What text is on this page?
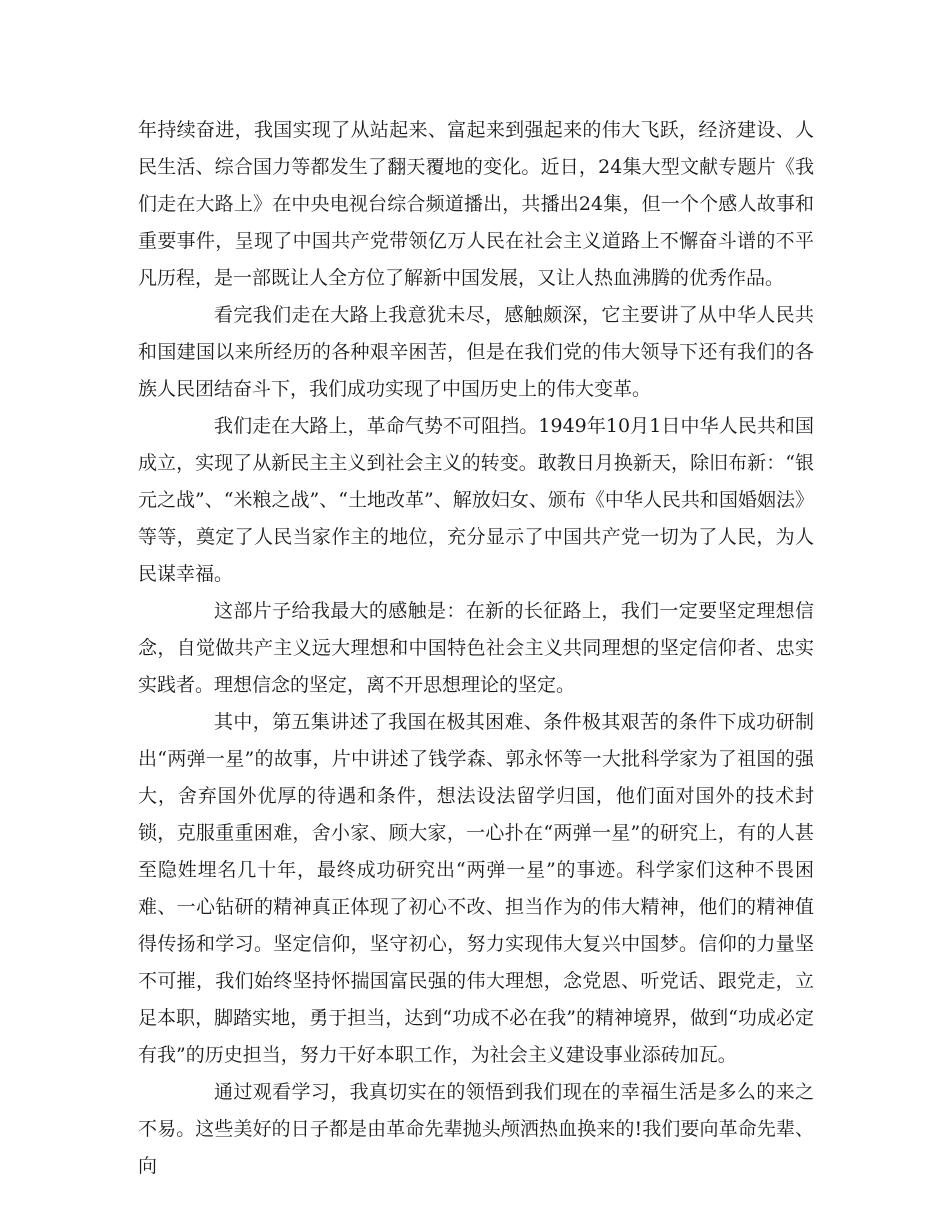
年持续奋进，我国实现了从站起来、富起来到强起来的伟大飞跃，经济建设、人民生活、综合国力等都发生了翻天覆地的变化。近日，24集大型文献专题片《我们走在大路上》在中央电视台综合频道播出，共播出24集，但一个个感人故事和重要事件，呈现了中国共产党带领亿万人民在社会主义道路上不懈奋斗谱的不平凡历程，是一部既让人全方位了解新中国发展，又让人热血沸腾的优秀作品。

看完我们走在大路上我意犹未尽，感触颇深，它主要讲了从中华人民共和国建国以来所经历的各种艰辛困苦，但是在我们党的伟大领导下还有我们的各族人民团结奋斗下，我们成功实现了中国历史上的伟大变革。

我们走在大路上，革命气势不可阻挡。1949年10月1日中华人民共和国成立，实现了从新民主主义到社会主义的转变。敢教日月换新天，除旧布新：“银元之战”、“米粮之战”、“土地改革”、解放妇女、颁布《中华人民共和国婚姻法》等等，奠定了人民当家作主的地位，充分显示了中国共产党一切为了人民，为人民谋幸福。

这部片子给我最大的感触是：在新的长征路上，我们一定要坚定理想信念，自觉做共产主义远大理想和中国特色社会主义共同理想的坚定信仰者、忠实实践者。理想信念的坚定，离不开思想理论的坚定。

其中，第五集讲述了我国在极其困难、条件极其艰苦的条件下成功研制出“两弹一星”的故事，片中讲述了钱学森、郭永怀等一大批科学家为了祖国的强大，舍弃国外优厚的待遇和条件，想法设法留学归国，他们面对国外的技术封锁，克服重重困难，舍小家、顾大家，一心扑在“两弹一星”的研究上，有的人甚至隐姓埋名几十年，最终成功研究出“两弹一星”的事迹。科学家们这种不畏困难、一心钻研的精神真正体现了初心不改、担当作为的伟大精神，他们的精神值得传扬和学习。坚定信仰，坚守初心，努力实现伟大复兴中国梦。信仰的力量坚不可摧，我们始终坚持怀揣国富民强的伟大理想，念党恩、听党话、跟党走，立足本职，脚踏实地，勇于担当，达到“功成不必在我”的精神境界，做到“功成必定有我”的历史担当，努力干好本职工作，为社会主义建设事业添砖加瓦。

通过观看学习，我真切实在的领悟到我们现在的幸福生活是多么的来之不易。这些美好的日子都是由革命先辈抛头颅洒热血换来的!我们要向革命先辈、向
